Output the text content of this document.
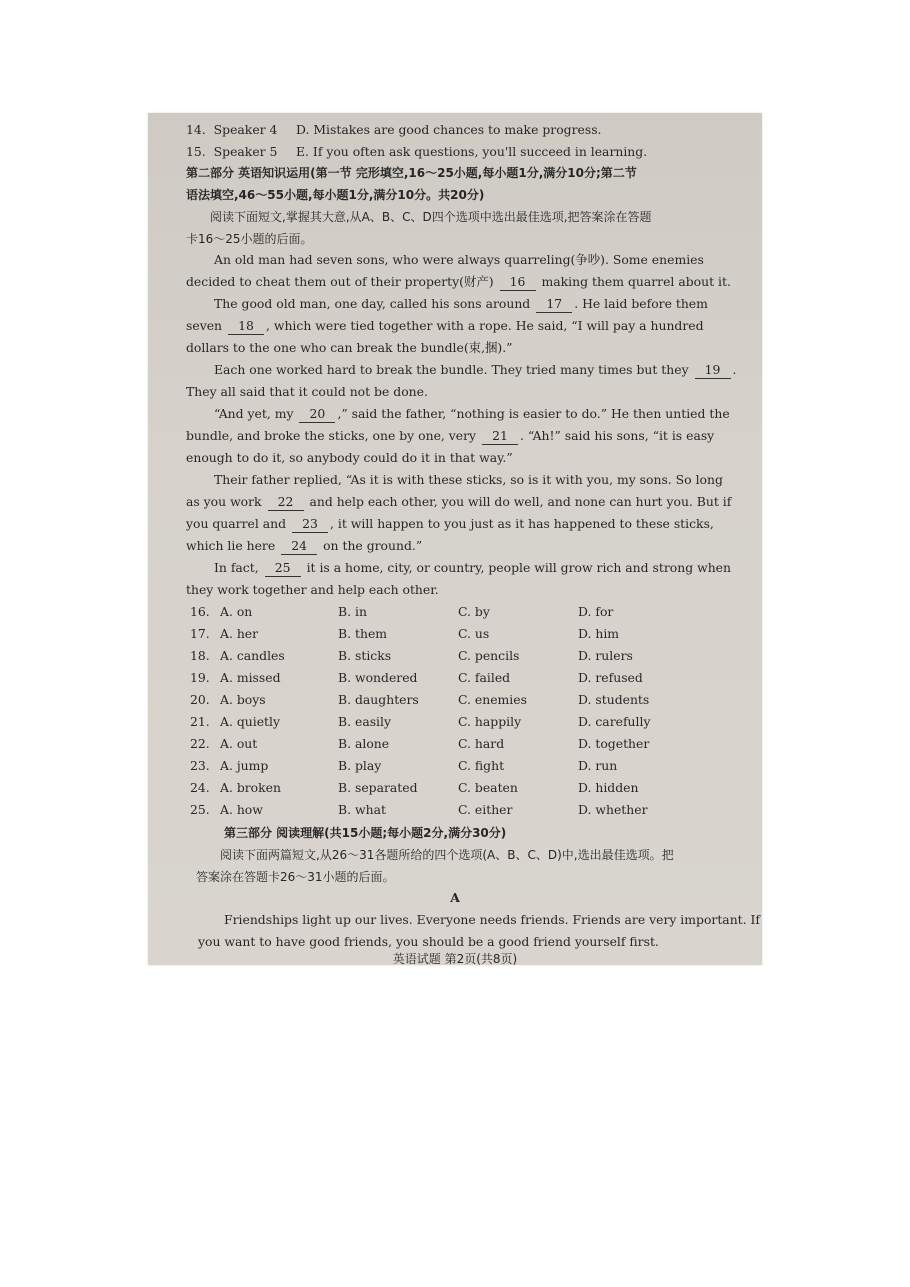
14. Speaker 4 D. Mistakes are good chances to make progress.
15. Speaker 5 E. If you often ask questions, you'll succeed in learning.
第二部分 英语知识运用(第一节 完形填空,16～25小题,每小题1分,满分10分;第二节
语法填空,46～55小题,每小题1分,满分10分。共20分)
阅读下面短文,掌握其大意,从A、B、C、D四个选项中选出最佳选项,把答案涂在答题
卡16～25小题的后面。
An old man had seven sons, who were always quarreling(争吵). Some enemies
decided to cheat them out of their property(财产) 16 making them quarrel about it.
The good old man, one day, called his sons around 17 . He laid before them
seven 18 , which were tied together with a rope. He said, “I will pay a hundred
dollars to the one who can break the bundle(束,捆).”
Each one worked hard to break the bundle. They tried many times but they 19 .
They all said that it could not be done.
“And yet, my 20 ,” said the father, “nothing is easier to do.” He then untied the
bundle, and broke the sticks, one by one, very 21 . “Ah!” said his sons, “it is easy
enough to do it, so anybody could do it in that way.”
Their father replied, “As it is with these sticks, so is it with you, my sons. So long
as you work 22 and help each other, you will do well, and none can hurt you. But if
you quarrel and 23 , it will happen to you just as it has happened to these sticks,
which lie here 24 on the ground.”
In fact, 25 it is a home, city, or country, people will grow rich and strong when
they work together and help each other.
16. A. on	B. in	C. by	D. for
17. A. her	B. them	C. us	D. him
18. A. candles	B. sticks	C. pencils	D. rulers
19. A. missed	B. wondered	C. failed	D. refused
20. A. boys	B. daughters	C. enemies	D. students
21. A. quietly	B. easily	C. happily	D. carefully
22. A. out	B. alone	C. hard	D. together
23. A. jump	B. play	C. fight	D. run
24. A. broken	B. separated	C. beaten	D. hidden
25. A. how	B. what	C. either	D. whether
第三部分 阅读理解(共15小题;每小题2分,满分30分)
阅读下面两篇短文,从26～31各题所给的四个选项(A、B、C、D)中,选出最佳选项。把
答案涂在答题卡26～31小题的后面。
A
Friendships light up our lives. Everyone needs friends. Friends are very important. If
you want to have good friends, you should be a good friend yourself first.
英语试题 第2页(共8页)
